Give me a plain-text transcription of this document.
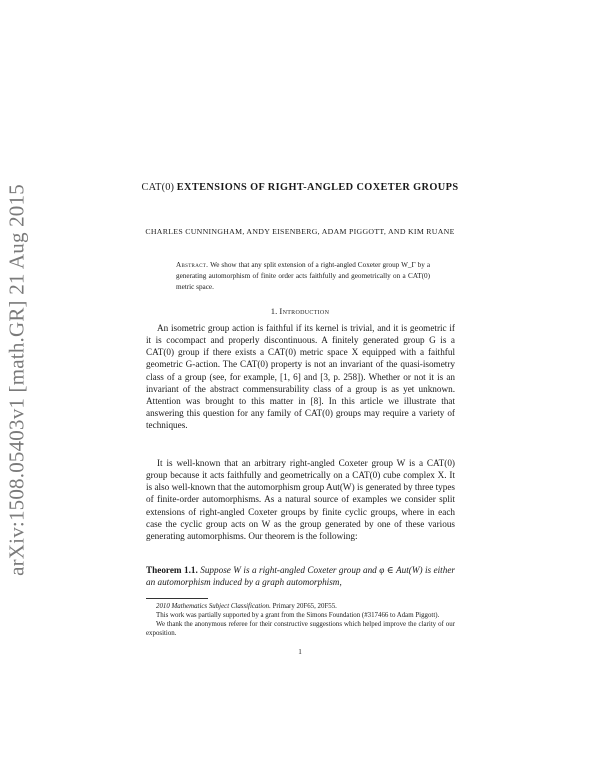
arXiv:1508.05403v1 [math.GR] 21 Aug 2015	CAT(0) EXTENSIONS OF RIGHT-ANGLED COXETER GROUPS
CHARLES CUNNINGHAM, ANDY EISENBERG, ADAM PIGGOTT, AND KIM RUANE
Abstract. We show that any split extension of a right-angled Coxeter group W_Γ by a generating automorphism of finite order acts faithfully and geometrically on a CAT(0) metric space.
1. Introduction

An isometric group action is faithful if its kernel is trivial, and it is geometric if it is cocompact and properly discontinuous. A finitely generated group G is a CAT(0) group if there exists a CAT(0) metric space X equipped with a faithful geometric G-action. The CAT(0) property is not an invariant of the quasi-isometry class of a group (see, for example, [1, 6] and [3, p. 258]). Whether or not it is an invariant of the abstract commensurability class of a group is as yet unknown. Attention was brought to this matter in [8]. In this article we illustrate that answering this question for any family of CAT(0) groups may require a variety of techniques.

It is well-known that an arbitrary right-angled Coxeter group W is a CAT(0) group because it acts faithfully and geometrically on a CAT(0) cube complex X. It is also well-known that the automorphism group Aut(W) is generated by three types of finite-order automorphisms. As a natural source of examples we consider split extensions of right-angled Coxeter groups by finite cyclic groups, where in each case the cyclic group acts on W as the group generated by one of these various generating automorphisms. Our theorem is the following:

Theorem 1.1. Suppose W is a right-angled Coxeter group and φ ∈ Aut(W) is either an automorphism induced by a graph automorphism,

2010 Mathematics Subject Classification. Primary 20F65, 20F55.

This work was partially supported by a grant from the Simons Foundation (#317466 to Adam Piggott).

We thank the anonymous referee for their constructive suggestions which helped improve the clarity of our exposition.

1
